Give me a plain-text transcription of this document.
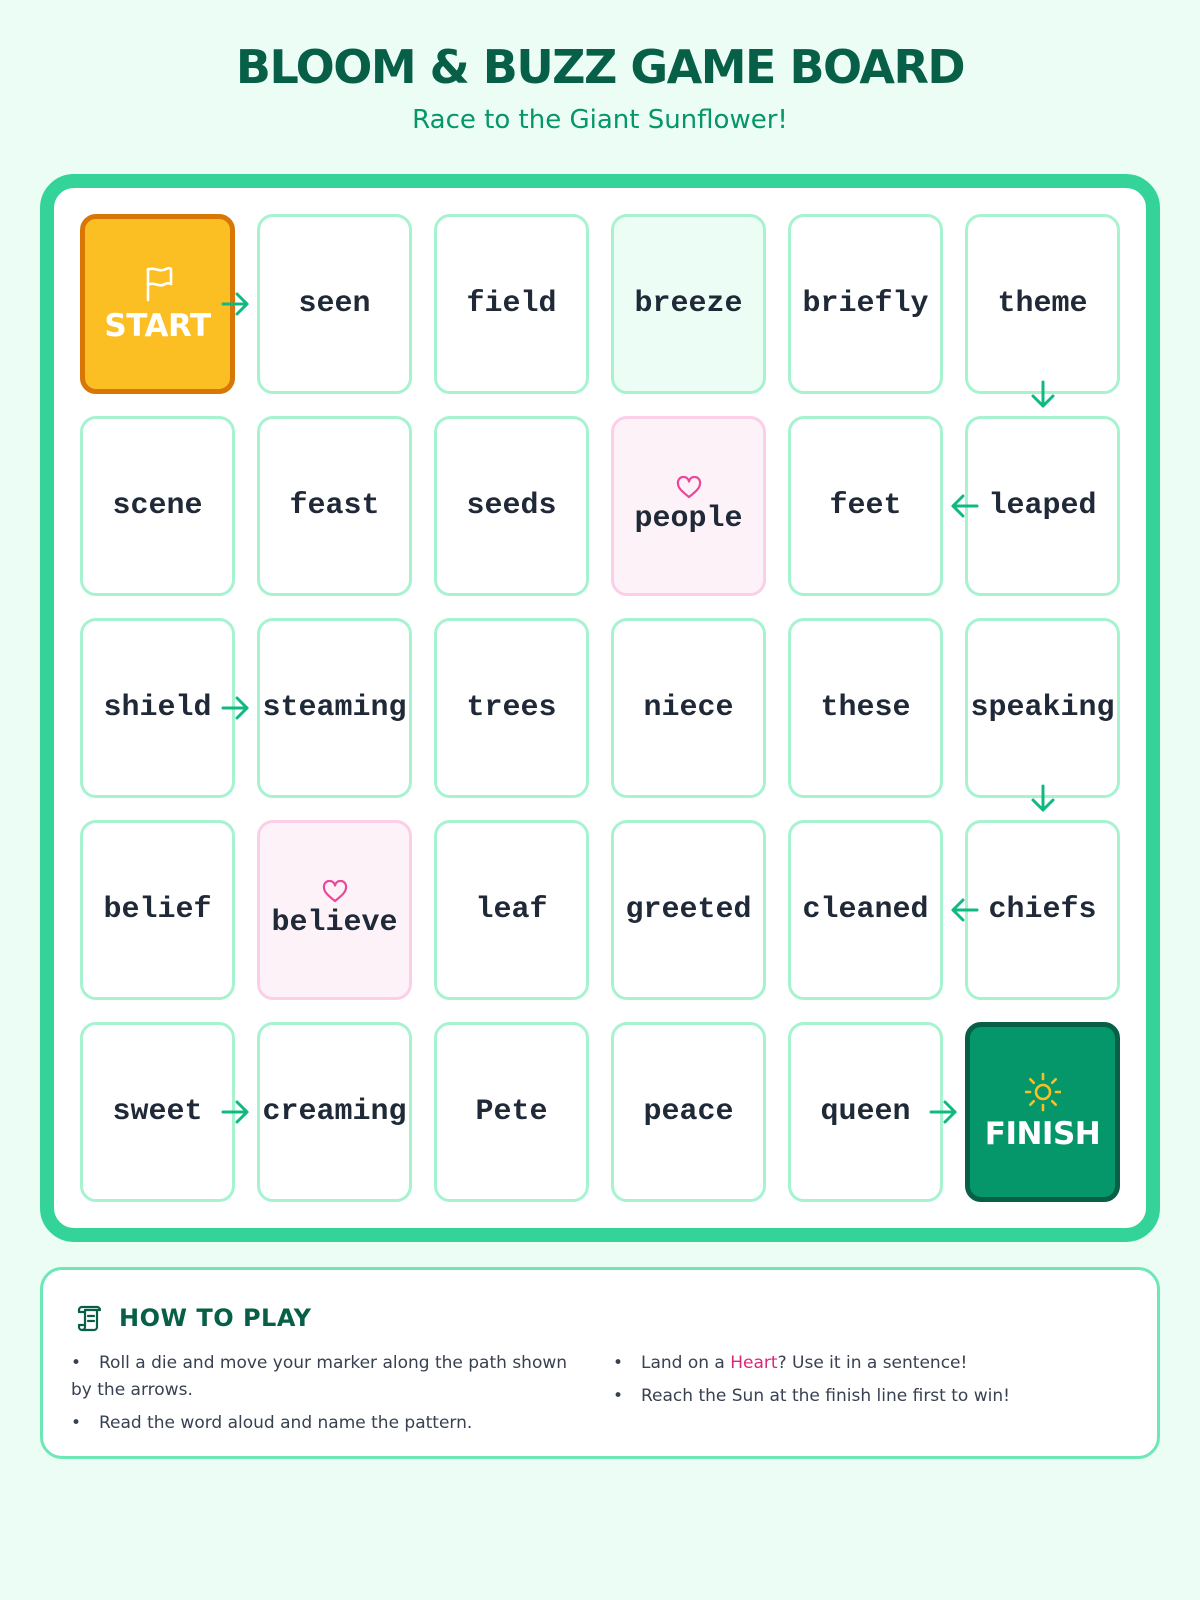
BLOOM & BUZZ GAME BOARD
Race to the Giant Sunflower!
START
seen	field	breeze briefly theme
scene	feast	seeds	people	feet	leaped
shield steaming trees	niece	these speaking
belief believe	leaf	greeted cleaned chiefs
sweet creaming Pete	peace	queen
FINISH
HOW TO PLAY
• Roll a die and move your marker along the path shown by the arrows.
• Read the word aloud and name the pattern.
• Land on a Heart? Use it in a sentence!
• Reach the Sun at the finish line first to win!
